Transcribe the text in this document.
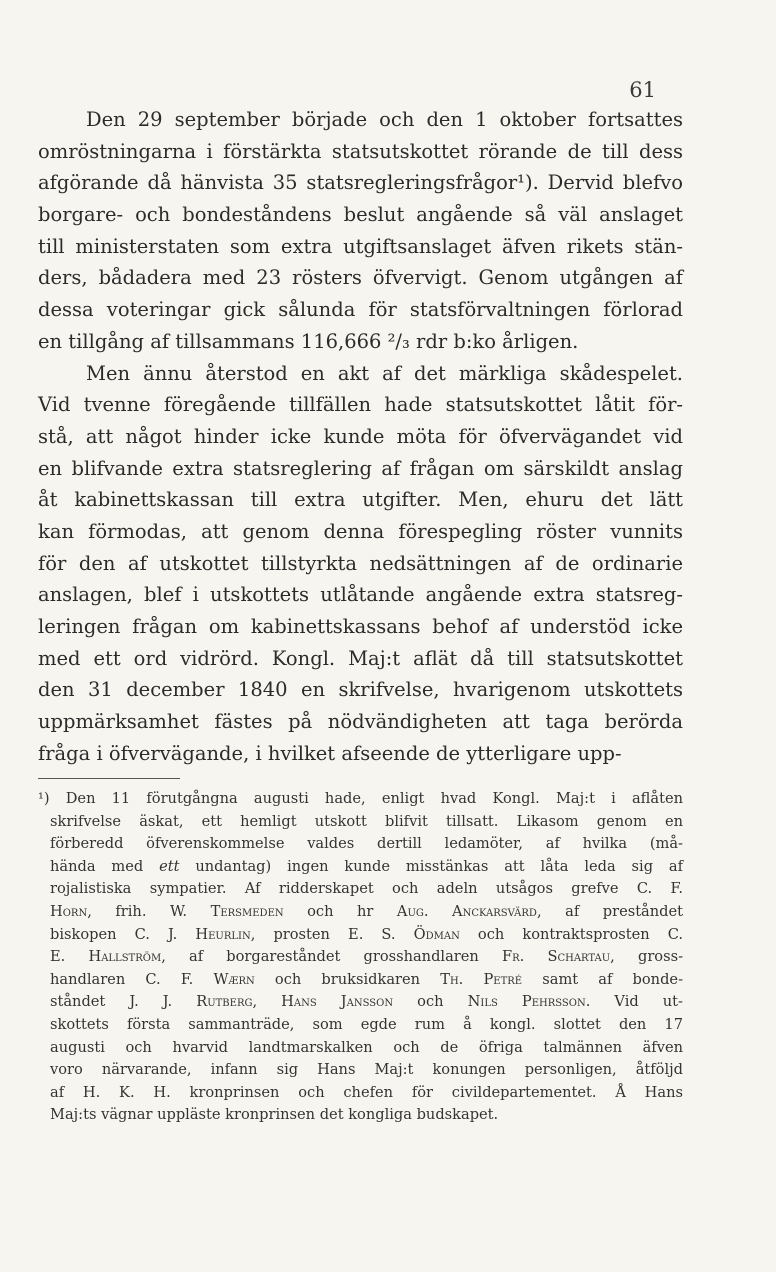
61
Den 29 september började och den 1 oktober fortsattes
omröstningarna i förstärkta statsutskottet rörande de till dess
afgörande då hänvista 35 statsregleringsfrågor¹). Dervid blefvo
borgare- och bondeståndens beslut angående så väl anslaget
till ministerstaten som extra utgiftsanslaget äfven rikets stän-
ders, bådadera med 23 rösters öfvervigt. Genom utgången af
dessa voteringar gick sålunda för statsförvaltningen förlorad
en tillgång af tillsammans 116,666 ²/₃ rdr b:ko årligen.
Men ännu återstod en akt af det märkliga skådespelet.
Vid tvenne föregående tillfällen hade statsutskottet låtit för-
stå, att något hinder icke kunde möta för öfvervägandet vid
en blifvande extra statsreglering af frågan om särskildt anslag
åt kabinettskassan till extra utgifter. Men, ehuru det lätt
kan förmodas, att genom denna förespegling röster vunnits
för den af utskottet tillstyrkta nedsättningen af de ordinarie
anslagen, blef i utskottets utlåtande angående extra statsreg-
leringen frågan om kabinettskassans behof af understöd icke
med ett ord vidrörd. Kongl. Maj:t aflät då till statsutskottet
den 31 december 1840 en skrifvelse, hvarigenom utskottets
uppmärksamhet fästes på nödvändigheten att taga berörda
fråga i öfvervägande, i hvilket afseende de ytterligare upp-
¹) Den 11 förutgångna augusti hade, enligt hvad Kongl. Maj:t i aflåten
skrifvelse äskat, ett hemligt utskott blifvit tillsatt. Likasom genom en
förberedd öfverenskommelse valdes dertill ledamöter, af hvilka (må-
hända med ett undantag) ingen kunde misstänkas att låta leda sig af
rojalistiska sympatier. Af ridderskapet och adeln utsågos grefve C. F.
Horn, frih. W. Tersmeden och hr Aug. Anckarsvärd, af preståndet
biskopen C. J. Heurlin, prosten E. S. Ödman och kontraktsprosten C.
E. Hallström, af borgareståndet grosshandlaren Fr. Schartau, gross-
handlaren C. F. Wærn och bruksidkaren Th. Petré samt af bonde-
ståndet J. J. Rutberg, Hans Jansson och Nils Pehrsson. Vid ut-
skottets första sammanträde, som egde rum å kongl. slottet den 17
augusti och hvarvid landtmarskalken och de öfriga talmännen äfven
voro närvarande, infann sig Hans Maj:t konungen personligen, åtföljd
af H. K. H. kronprinsen och chefen för civildepartementet. Å Hans
Maj:ts vägnar uppläste kronprinsen det kongliga budskapet.
